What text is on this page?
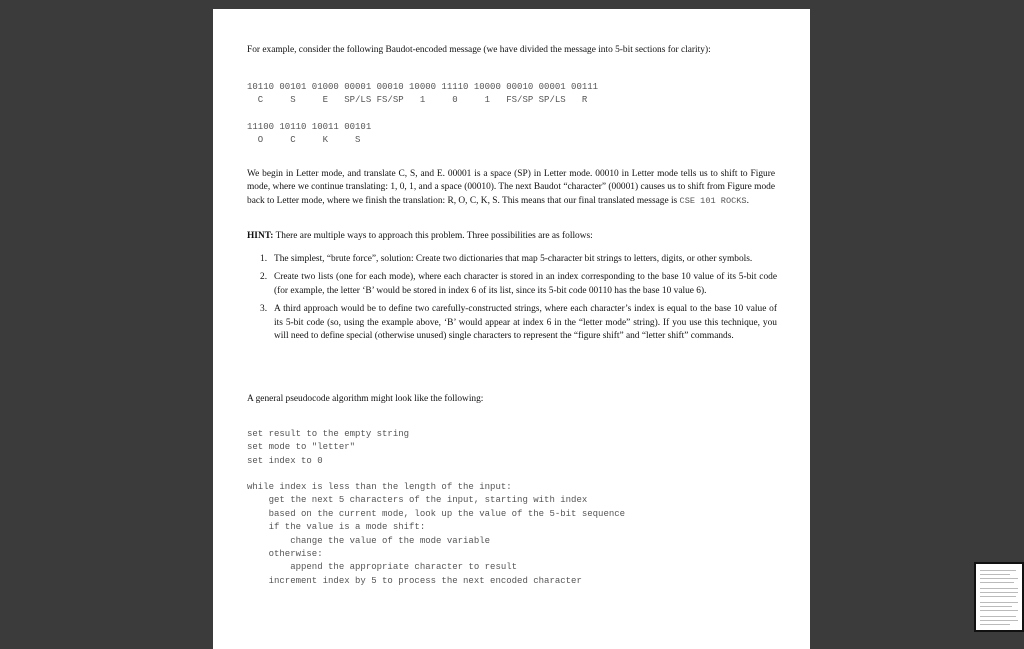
For example, consider the following Baudot-encoded message (we have divided the message into 5-bit sections for clarity):

10110 00101 01000 00001 00010 10000 11110 10000 00010 00001 00111
C     S     E   SP/LS FS/SP   1     0     1   FS/SP SP/LS   R
11100 10110 10011 00101
O     C     K     S

We begin in Letter mode, and translate C, S, and E. 00001 is a space (SP) in Letter mode. 00010 in Letter mode tells us to shift to Figure mode, where we continue translating: 1, 0, 1, and a space (00010). The next Baudot “character” (00001) causes us to shift from Figure mode back to Letter mode, where we finish the translation: R, O, C, K, S. This means that our final translated message is CSE 101 ROCKS.

HINT: There are multiple ways to approach this problem. Three possibilities are as follows:

1. The simplest, “brute force”, solution: Create two dictionaries that map 5-character bit strings to letters, digits, or other symbols.
2. Create two lists (one for each mode), where each character is stored in an index corresponding to the base 10 value of its 5-bit code (for example, the letter ‘B’ would be stored in index 6 of its list, since its 5-bit code 00110 has the base 10 value 6).
3. A third approach would be to define two carefully-constructed strings, where each character’s index is equal to the base 10 value of its 5-bit code (so, using the example above, ‘B’ would appear at index 6 in the “letter mode” string). If you use this technique, you will need to define special (otherwise unused) single characters to represent the “figure shift” and “letter shift” commands.

A general pseudocode algorithm might look like the following:

set result to the empty string
set mode to "letter"
set index to 0
while index is less than the length of the input:
get the next 5 characters of the input, starting with index
based on the current mode, look up the value of the 5-bit sequence
if the value is a mode shift:
change the value of the mode variable
otherwise:
append the appropriate character to result
increment index by 5 to process the next encoded character
